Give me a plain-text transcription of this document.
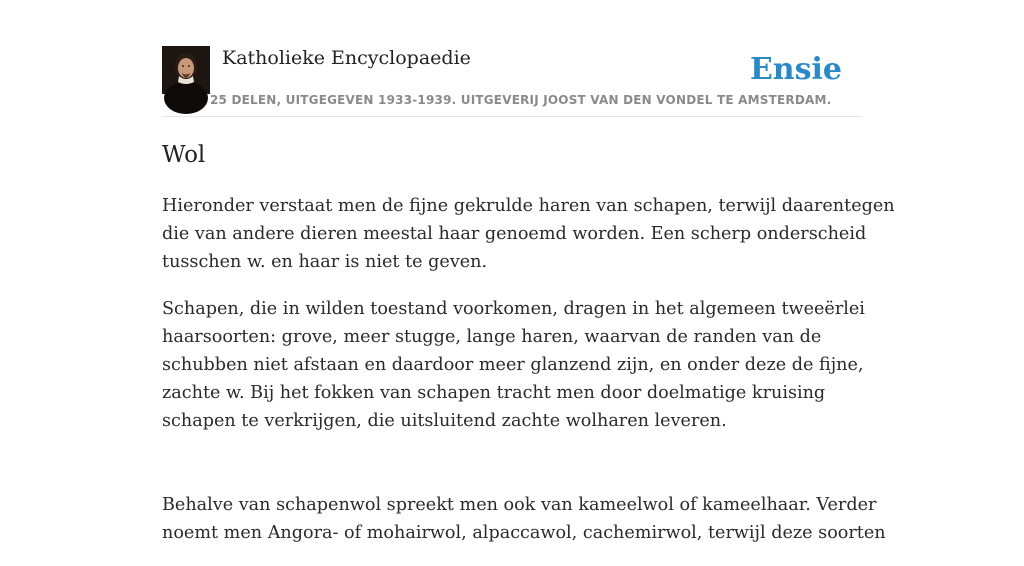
Katholieke Encyclopaedie
25 DELEN, UITGEGEVEN 1933-1939. UITGEVERIJ JOOST VAN DEN VONDEL TE AMSTERDAM.
Ensie
Wol

Hieronder verstaat men de fijne gekrulde haren van schapen, terwijl daarentegen
die van andere dieren meestal haar genoemd worden. Een scherp onderscheid
tusschen w. en haar is niet te geven.

Schapen, die in wilden toestand voorkomen, dragen in het algemeen tweeërlei
haarsoorten: grove, meer stugge, lange haren, waarvan de randen van de
schubben niet afstaan en daardoor meer glanzend zijn, en onder deze de fijne,
zachte w. Bij het fokken van schapen tracht men door doelmatige kruising
schapen te verkrijgen, die uitsluitend zachte wolharen leveren.

Behalve van schapenwol spreekt men ook van kameelwol of kameelhaar. Verder
noemt men Angora- of mohairwol, alpaccawol, cachemirwol, terwijl deze soorten
